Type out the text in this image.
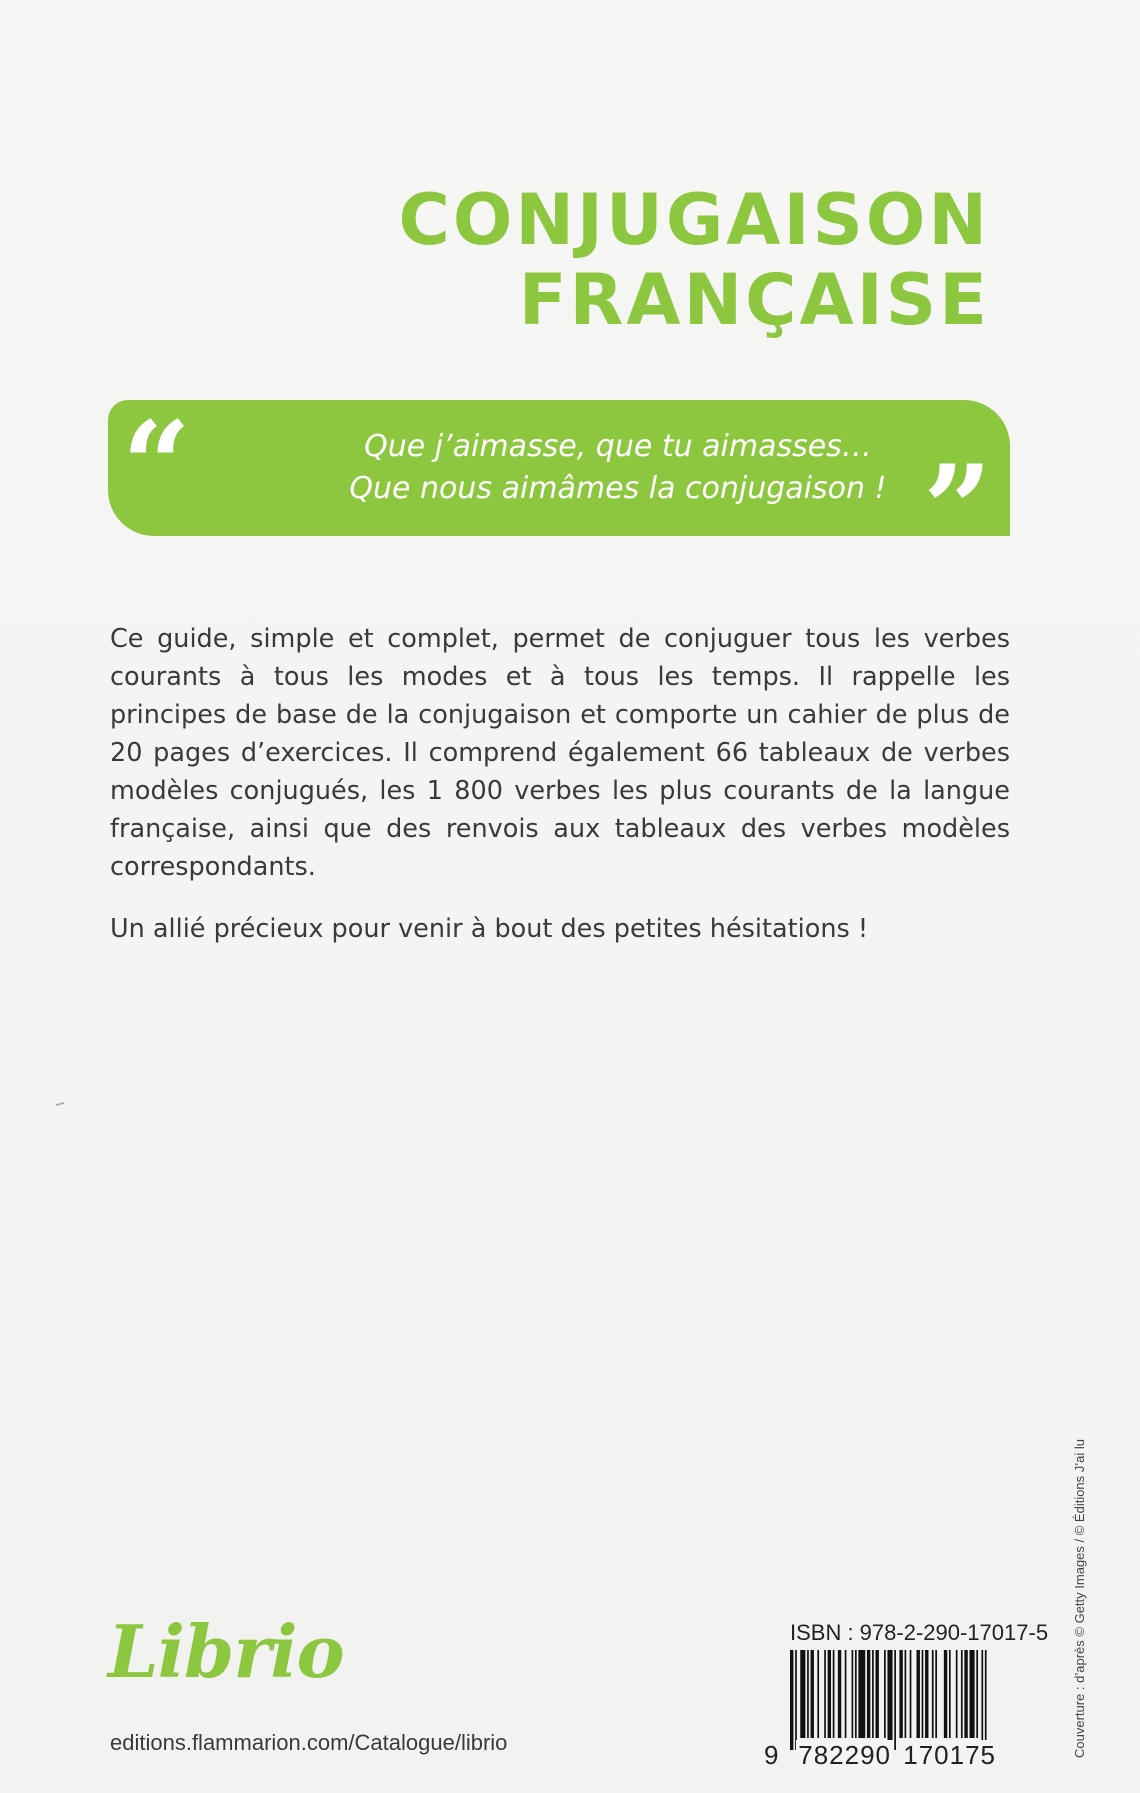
CONJUGAISON
FRANÇAISE
“	Que j’aimasse, que tu aimasses…
Que nous aimâmes la conjugaison ! ”

Ce guide, simple et complet, permet de conjuguer tous les verbes courants à tous les modes et à tous les temps. Il rappelle les principes de base de la conjugaison et comporte un cahier de plus de 20 pages d’exercices. Il comprend également 66 tableaux de verbes modèles conjugués, les 1 800 verbes les plus courants de la langue française, ainsi que des renvois aux tableaux des verbes modèles correspondants.

Un allié précieux pour venir à bout des petites hésitations !

Librio
editions.flammarion.com/Catalogue/librio
ISBN : 978-2-290-17017-5
9 782290 170175	Couverture : d’après © Getty Images / © Éditions J’ai lu
